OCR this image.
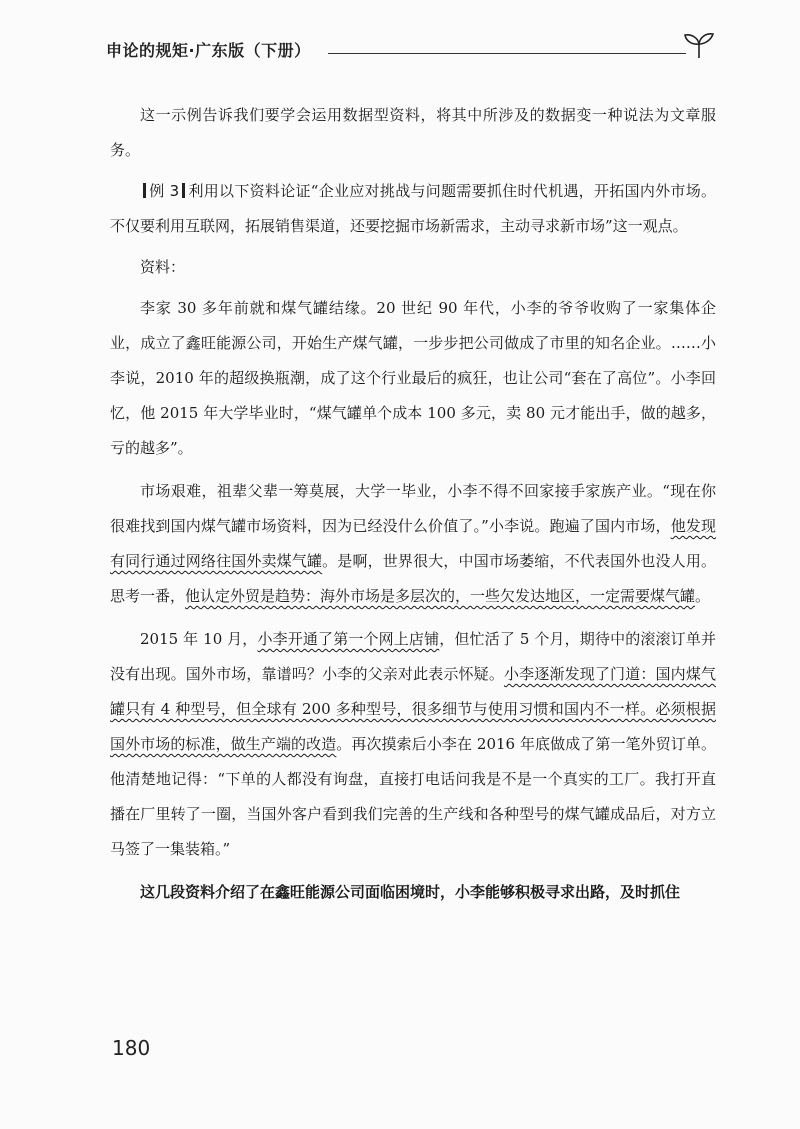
申论的规矩·广东版（下册）

这一示例告诉我们要学会运用数据型资料，将其中所涉及的数据变一种说法为文章服务。

例 3 利用以下资料论证“企业应对挑战与问题需要抓住时代机遇，开拓国内外市场。不仅要利用互联网，拓展销售渠道，还要挖掘市场新需求，主动寻求新市场”这一观点。

资料：

李家 30 多年前就和煤气罐结缘。20 世纪 90 年代，小李的爷爷收购了一家集体企业，成立了鑫旺能源公司，开始生产煤气罐，一步步把公司做成了市里的知名企业。……小李说，2010 年的超级换瓶潮，成了这个行业最后的疯狂，也让公司“套在了高位”。小李回忆，他 2015 年大学毕业时，“煤气罐单个成本 100 多元，卖 80 元才能出手，做的越多，亏的越多”。

市场艰难，祖辈父辈一筹莫展，大学一毕业，小李不得不回家接手家族产业。“现在你很难找到国内煤气罐市场资料，因为已经没什么价值了。”小李说。跑遍了国内市场，他发现有同行通过网络往国外卖煤气罐。是啊，世界很大，中国市场萎缩，不代表国外也没人用。思考一番，他认定外贸是趋势：海外市场是多层次的，一些欠发达地区，一定需要煤气罐。

2015 年 10 月，小李开通了第一个网上店铺，但忙活了 5 个月，期待中的滚滚订单并没有出现。国外市场，靠谱吗？小李的父亲对此表示怀疑。小李逐渐发现了门道：国内煤气罐只有 4 种型号，但全球有 200 多种型号，很多细节与使用习惯和国内不一样。必须根据国外市场的标准，做生产端的改造。再次摸索后小李在 2016 年底做成了第一笔外贸订单。他清楚地记得：“下单的人都没有询盘，直接打电话问我是不是一个真实的工厂。我打开直播在厂里转了一圈，当国外客户看到我们完善的生产线和各种型号的煤气罐成品后，对方立马签了一集装箱。”

这几段资料介绍了在鑫旺能源公司面临困境时，小李能够积极寻求出路，及时抓住

180
